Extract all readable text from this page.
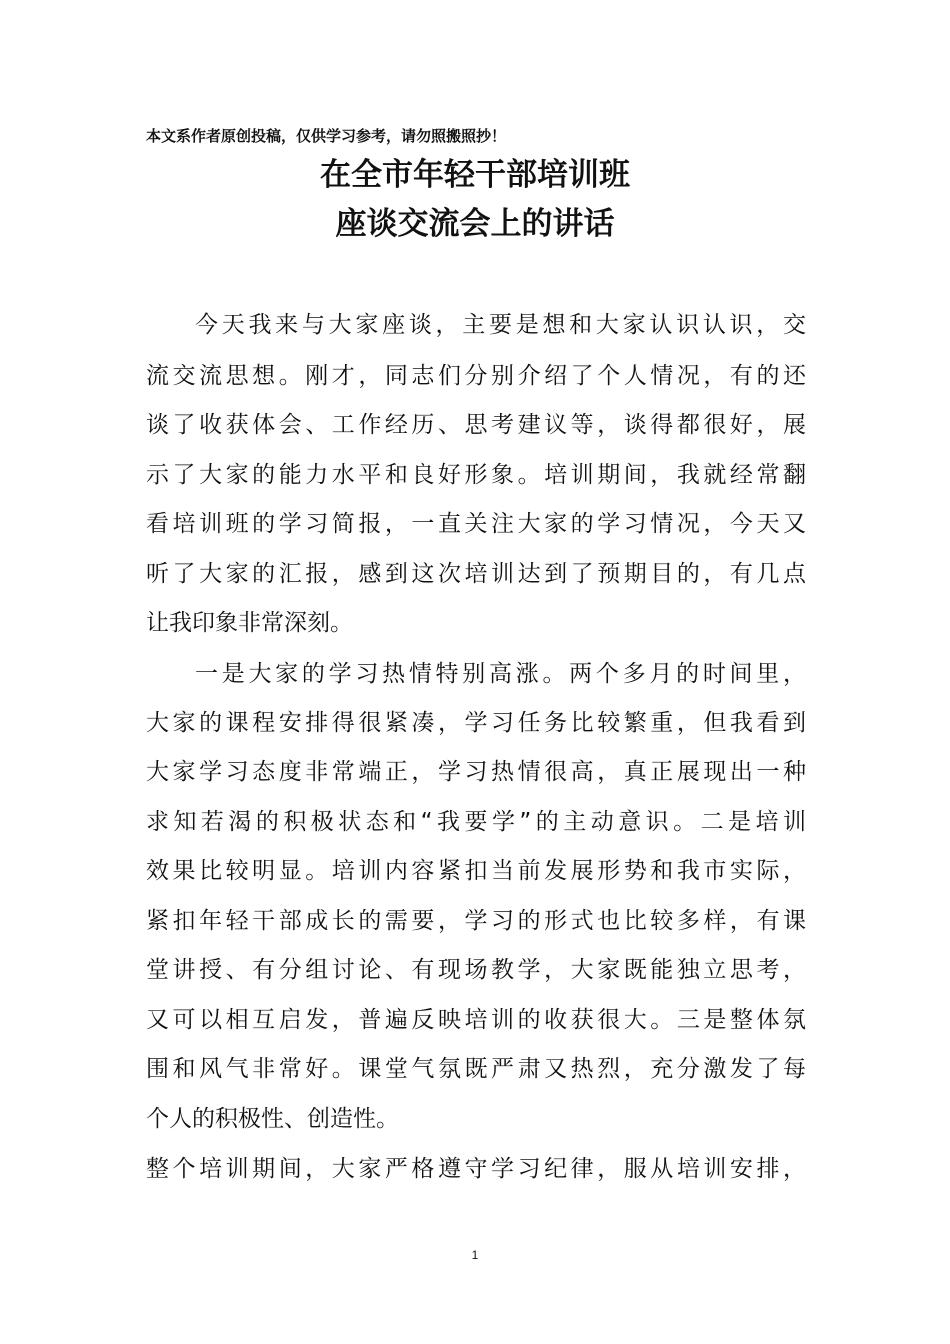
本文系作者原创投稿，仅供学习参考，请勿照搬照抄！
在全市年轻干部培训班
座谈交流会上的讲话
今天我来与大家座谈，主要是想和大家认识认识，交
流交流思想。刚才，同志们分别介绍了个人情况，有的还
谈了收获体会、工作经历、思考建议等，谈得都很好，展
示了大家的能力水平和良好形象。培训期间，我就经常翻
看培训班的学习简报，一直关注大家的学习情况，今天又
听了大家的汇报，感到这次培训达到了预期目的，有几点
让我印象非常深刻。
一是大家的学习热情特别高涨。两个多月的时间里，
大家的课程安排得很紧凑，学习任务比较繁重，但我看到
大家学习态度非常端正，学习热情很高，真正展现出一种
求知若渴的积极状态和“我要学”的主动意识。二是培训
效果比较明显。培训内容紧扣当前发展形势和我市实际，
紧扣年轻干部成长的需要，学习的形式也比较多样，有课
堂讲授、有分组讨论、有现场教学，大家既能独立思考，
又可以相互启发，普遍反映培训的收获很大。三是整体氛
围和风气非常好。课堂气氛既严肃又热烈，充分激发了每
个人的积极性、创造性。
整个培训期间，大家严格遵守学习纪律，服从培训安排，
1
